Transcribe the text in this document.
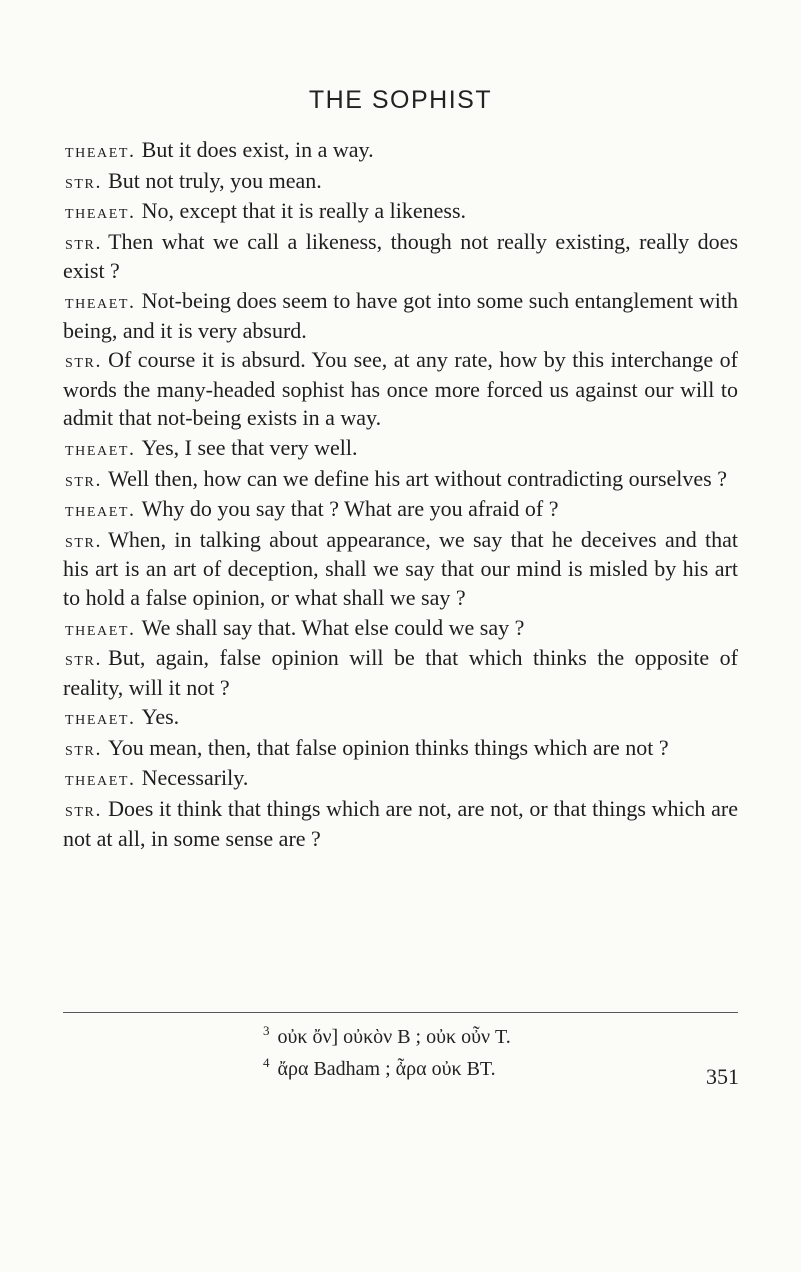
THE SOPHIST

theaet. But it does exist, in a way.

str. But not truly, you mean.

theaet. No, except that it is really a likeness.

str. Then what we call a likeness, though not really existing, really does exist ?

theaet. Not-being does seem to have got into some such entanglement with being, and it is very absurd.

str. Of course it is absurd. You see, at any rate, how by this interchange of words the many-headed sophist has once more forced us against our will to admit that not-being exists in a way.

theaet. Yes, I see that very well.

str. Well then, how can we define his art without contradicting ourselves ?

theaet. Why do you say that ? What are you afraid of ?

str. When, in talking about appearance, we say that he deceives and that his art is an art of deception, shall we say that our mind is misled by his art to hold a false opinion, or what shall we say ?

theaet. We shall say that. What else could we say ?

str. But, again, false opinion will be that which thinks the opposite of reality, will it not ?

theaet. Yes.

str. You mean, then, that false opinion thinks things which are not ?

theaet. Necessarily.

str. Does it think that things which are not, are not, or that things which are not at all, in some sense are ?

$^3$ οὐκ ὄν] οὐκὸν B ; οὐκ οὖν T.
$^4$ ἄρα Badham ; ἆρα οὐκ BT.	351
